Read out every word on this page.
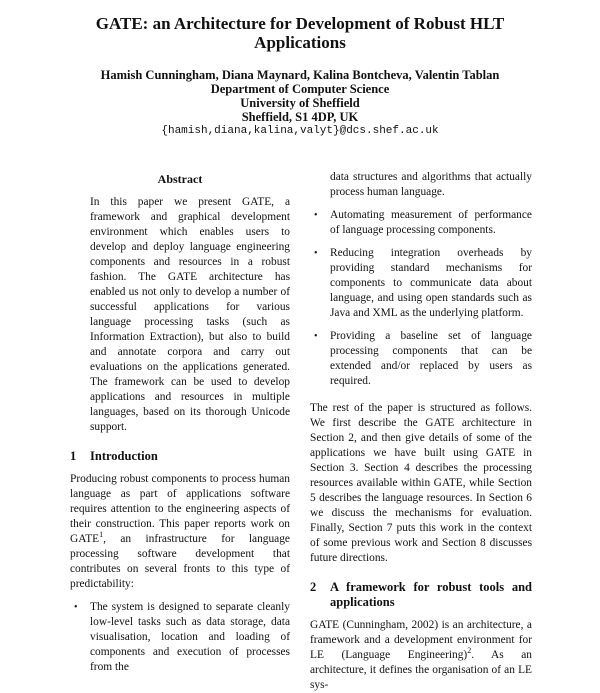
GATE: an Architecture for Development of Robust HLT
Applications
Hamish Cunningham, Diana Maynard, Kalina Bontcheva, Valentin Tablan
Department of Computer Science
University of Sheffield
Sheffield, S1 4DP, UK
{hamish,diana,kalina,valyt}@dcs.shef.ac.uk
Abstract

In this paper we present GATE, a framework and graphical development environment which enables users to develop and deploy language engineering components and resources in a robust fashion. The GATE architecture has enabled us not only to develop a number of successful applications for various language processing tasks (such as Information Extraction), but also to build and annotate corpora and carry out evaluations on the applications generated. The framework can be used to develop applications and resources in multiple languages, based on its thorough Unicode support.

1	Introduction

Producing robust components to process human language as part of applications software requires attention to the engineering aspects of their construction. This paper reports work on GATE$^1$, an infrastructure for language processing software development that contributes on several fronts to this type of predictability:

•	The system is designed to separate cleanly low-level tasks such as data storage, data visualisation, location and loading of components and execution of processes from the

data structures and algorithms that actually process human language.

•	Automating measurement of performance of language processing components.
•	Reducing integration overheads by providing standard mechanisms for components to communicate data about language, and using open standards such as Java and XML as the underlying platform.
•	Providing a baseline set of language processing components that can be extended and/or replaced by users as required.

The rest of the paper is structured as follows. We first describe the GATE architecture in Section 2, and then give details of some of the applications we have built using GATE in Section 3. Section 4 describes the processing resources available within GATE, while Section 5 describes the language resources. In Section 6 we discuss the mechanisms for evaluation. Finally, Section 7 puts this work in the context of some previous work and Section 8 discusses future directions.

2	A framework for robust tools and applications

GATE (Cunningham, 2002) is an architecture, a framework and a development environment for LE (Language Engineering)$^2$. As an architecture, it defines the organisation of an LE sys-
